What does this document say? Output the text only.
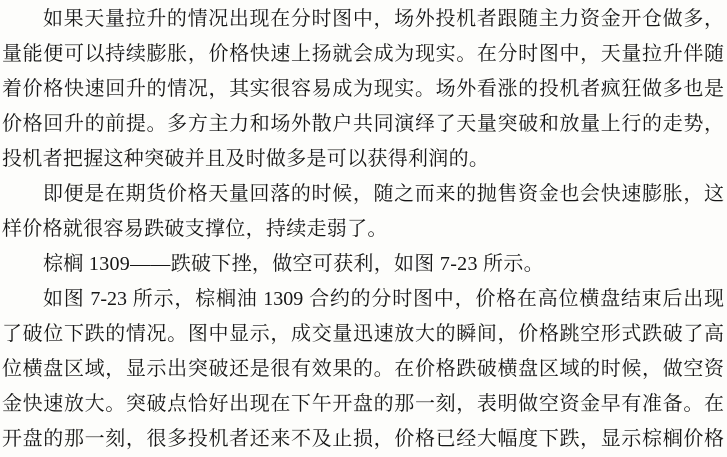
如果天量拉升的情况出现在分时图中，场外投机者跟随主力资金开仓做多，
量能便可以持续膨胀，价格快速上扬就会成为现实。在分时图中，天量拉升伴随
着价格快速回升的情况，其实很容易成为现实。场外看涨的投机者疯狂做多也是
价格回升的前提。多方主力和场外散户共同演绎了天量突破和放量上行的走势，
投机者把握这种突破并且及时做多是可以获得利润的。
即便是在期货价格天量回落的时候，随之而来的抛售资金也会快速膨胀，这
样价格就很容易跌破支撑位，持续走弱了。
棕榈 1309——跌破下挫，做空可获利，如图 7-23 所示。
如图 7-23 所示，棕榈油 1309 合约的分时图中，价格在高位横盘结束后出现
了破位下跌的情况。图中显示，成交量迅速放大的瞬间，价格跳空形式跌破了高
位横盘区域，显示出突破还是很有效果的。在价格跌破横盘区域的时候，做空资
金快速放大。突破点恰好出现在下午开盘的那一刻，表明做空资金早有准备。在
开盘的那一刻，很多投机者还来不及止损，价格已经大幅度下跌，显示棕榈价格
